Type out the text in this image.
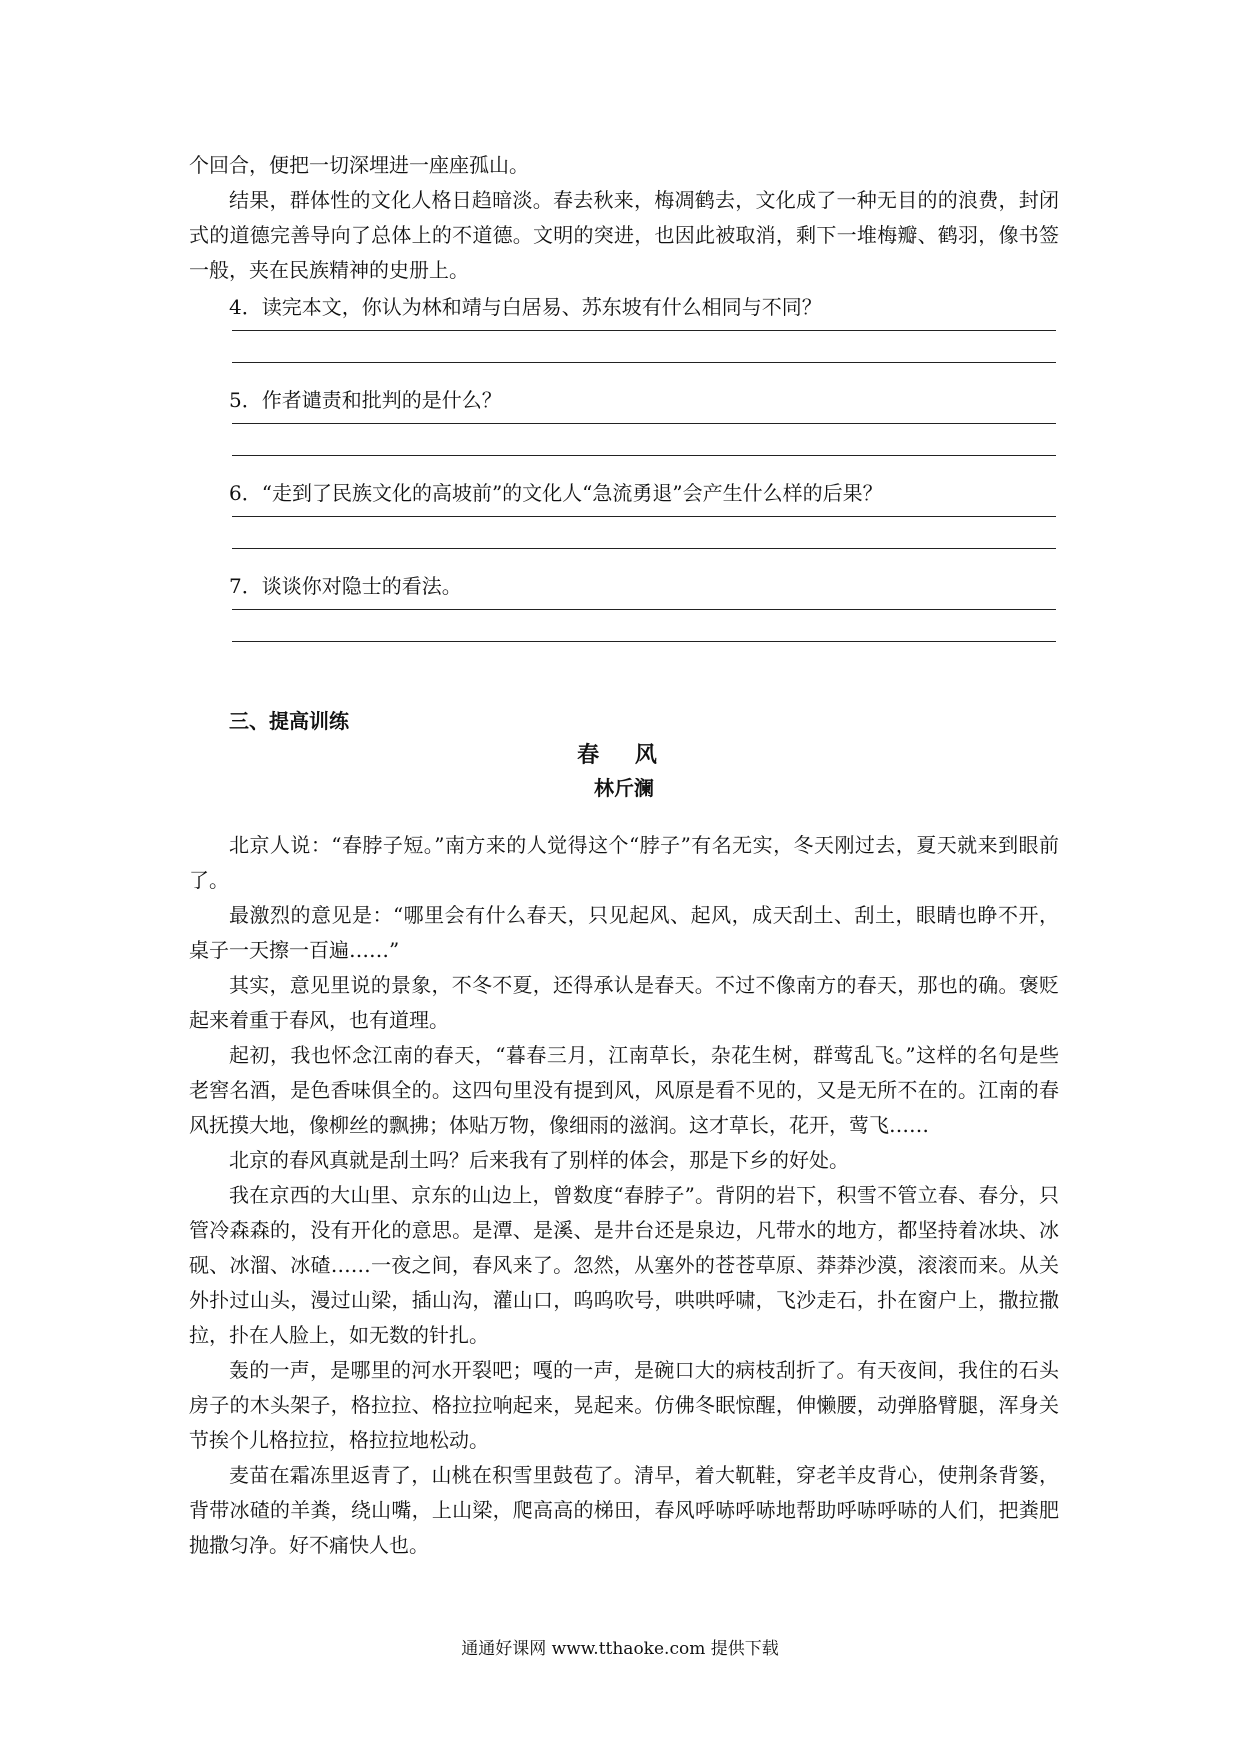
个回合，便把一切深埋进一座座孤山。

结果，群体性的文化人格日趋暗淡。春去秋来，梅凋鹤去，文化成了一种无目的的浪费，封闭式的道德完善导向了总体上的不道德。文明的突进，也因此被取消，剩下一堆梅瓣、鹤羽，像书签一般，夹在民族精神的史册上。

4．读完本文，你认为林和靖与白居易、苏东坡有什么相同与不同？

5．作者谴责和批判的是什么？

6．“走到了民族文化的高坡前”的文化人“急流勇退”会产生什么样的后果？

7．谈谈你对隐士的看法。

三、提高训练
春 风
林斤澜

北京人说：“春脖子短。”南方来的人觉得这个“脖子”有名无实，冬天刚过去，夏天就来到眼前了。

最激烈的意见是：“哪里会有什么春天，只见起风、起风，成天刮土、刮土，眼睛也睁不开，桌子一天擦一百遍……”

其实，意见里说的景象，不冬不夏，还得承认是春天。不过不像南方的春天，那也的确。褒贬起来着重于春风，也有道理。

起初，我也怀念江南的春天，“暮春三月，江南草长，杂花生树，群莺乱飞。”这样的名句是些老窖名酒，是色香味俱全的。这四句里没有提到风，风原是看不见的，又是无所不在的。江南的春风抚摸大地，像柳丝的飘拂；体贴万物，像细雨的滋润。这才草长，花开，莺飞……

北京的春风真就是刮土吗？后来我有了别样的体会，那是下乡的好处。

我在京西的大山里、京东的山边上，曾数度“春脖子”。背阴的岩下，积雪不管立春、春分，只管冷森森的，没有开化的意思。是潭、是溪、是井台还是泉边，凡带水的地方，都坚持着冰块、冰砚、冰溜、冰碴……一夜之间，春风来了。忽然，从塞外的苍苍草原、莽莽沙漠，滚滚而来。从关外扑过山头，漫过山梁，插山沟，灌山口，呜呜吹号，哄哄呼啸，飞沙走石，扑在窗户上，撒拉撒拉，扑在人脸上，如无数的针扎。

轰的一声，是哪里的河水开裂吧；嘎的一声，是碗口大的病枝刮折了。有天夜间，我住的石头房子的木头架子，格拉拉、格拉拉响起来，晃起来。仿佛冬眠惊醒，伸懒腰，动弹胳臂腿，浑身关节挨个儿格拉拉，格拉拉地松动。

麦苗在霜冻里返青了，山桃在积雪里鼓苞了。清早，着大靰鞋，穿老羊皮背心，使荆条背篓，背带冰碴的羊粪，绕山嘴，上山梁，爬高高的梯田，春风呼哧呼哧地帮助呼哧呼哧的人们，把粪肥抛撒匀净。好不痛快人也。

通通好课网 www.tthaoke.com 提供下载
